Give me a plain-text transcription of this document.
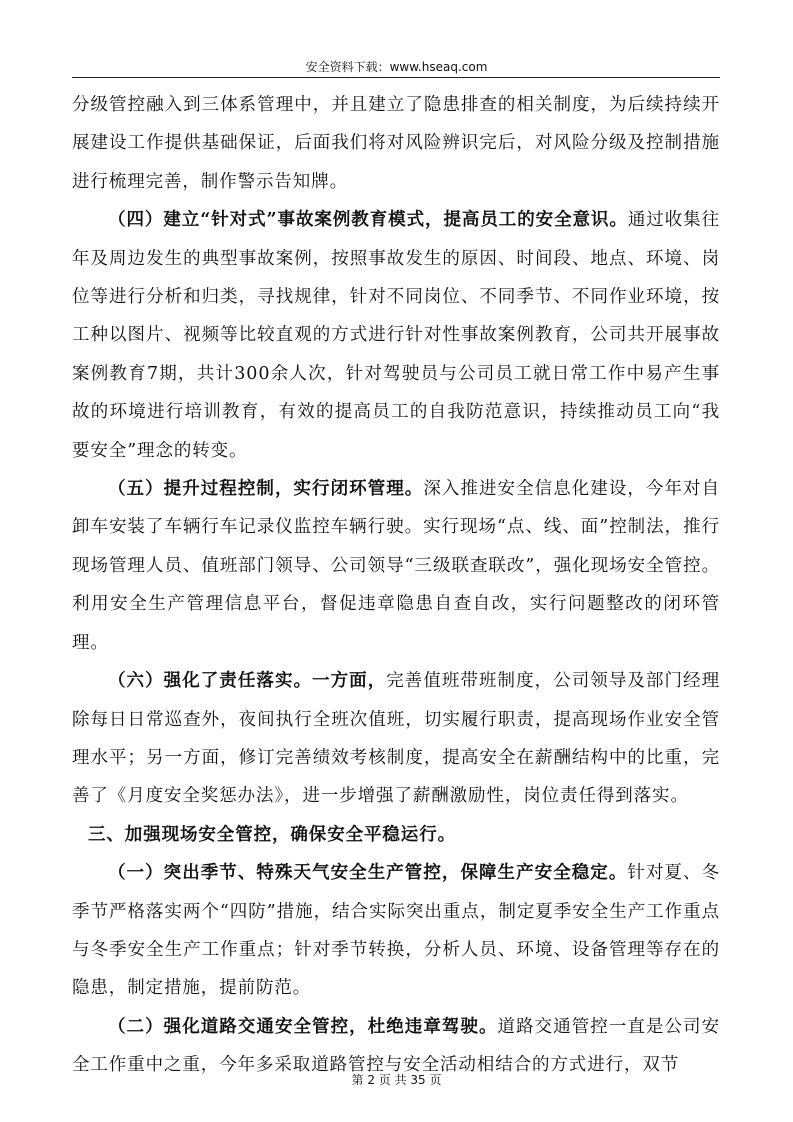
安全资料下载：www.hseaq.com

分级管控融入到三体系管理中，并且建立了隐患排查的相关制度，为后续持续开展建设工作提供基础保证，后面我们将对风险辨识完后，对风险分级及控制措施进行梳理完善，制作警示告知牌。

（四）建立“针对式”事故案例教育模式，提高员工的安全意识。通过收集往年及周边发生的典型事故案例，按照事故发生的原因、时间段、地点、环境、岗位等进行分析和归类，寻找规律，针对不同岗位、不同季节、不同作业环境，按工种以图片、视频等比较直观的方式进行针对性事故案例教育，公司共开展事故案例教育7期，共计300余人次，针对驾驶员与公司员工就日常工作中易产生事故的环境进行培训教育，有效的提高员工的自我防范意识，持续推动员工向“我要安全”理念的转变。

（五）提升过程控制，实行闭环管理。深入推进安全信息化建设，今年对自卸车安装了车辆行车记录仪监控车辆行驶。实行现场“点、线、面”控制法，推行现场管理人员、值班部门领导、公司领导“三级联查联改”，强化现场安全管控。利用安全生产管理信息平台，督促违章隐患自查自改，实行问题整改的闭环管理。

（六）强化了责任落实。一方面，完善值班带班制度，公司领导及部门经理除每日日常巡查外，夜间执行全班次值班，切实履行职责，提高现场作业安全管理水平；另一方面，修订完善绩效考核制度，提高安全在薪酬结构中的比重，完善了《月度安全奖惩办法》，进一步增强了薪酬激励性，岗位责任得到落实。

三、加强现场安全管控，确保安全平稳运行。

（一）突出季节、特殊天气安全生产管控，保障生产安全稳定。针对夏、冬季节严格落实两个“四防”措施，结合实际突出重点，制定夏季安全生产工作重点与冬季安全生产工作重点；针对季节转换，分析人员、环境、设备管理等存在的隐患，制定措施，提前防范。

（二）强化道路交通安全管控，杜绝违章驾驶。道路交通管控一直是公司安全工作重中之重，今年多采取道路管控与安全活动相结合的方式进行，双节

第 2 页 共 35 页
